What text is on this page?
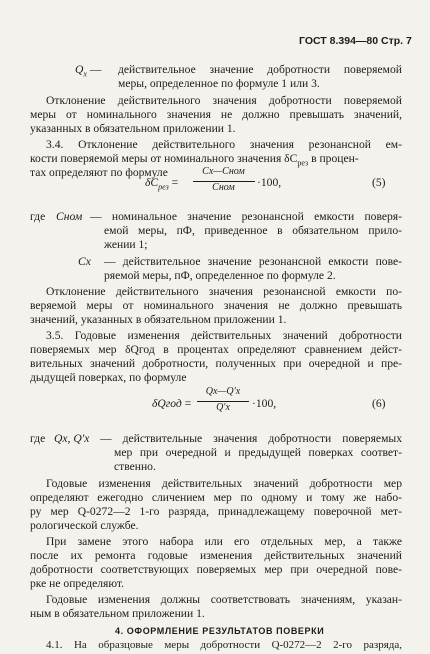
ГОСТ 8.394—80 Стр. 7
$Q_x$ —	действительное значение добротности поверяемой
меры, определенное по формуле 1 или 3.
Отклонение действительного значения добротности поверяемой
меры от номинального значения не должно превышать значений,
указанных в обязательном приложении 1.
3.4. Отклонение действительного значения резонансной ем-
кости поверяемой меры от номинального значения $\delta C_{рез}$ в процен-
тах определяют по формуле
$\delta C_{рез}$ =
Cx—Cном
Cном	·100,	(5)
где Cном — номинальное значение резонансной емкости поверя-
емой меры, пФ, приведенное в обязательном прило-
жении 1;
Cx — действительное значение резонансной емкости пове-
ряемой меры, пФ, определенное по формуле 2.
Отклонение действительного значения резонансной емкости по-
веряемой меры от номинального значения не должно превышать
значений, указанных в обязательном приложении 1.
3.5. Годовые изменения действительных значений добротности
поверяемых мер δQгод в процентах определяют сравнением дейст-
вительных значений добротности, полученных при очередной и пре-
дыдущей поверках, по формуле
δQгод =
Qx—Q′x
Q′x	·100,	(6)
где Qx, Q′x — действительные значения добротности поверяемых
мер при очередной и предыдущей поверках соответ-
ственно.
Годовые изменения действительных значений добротности мер
определяют ежегодно сличением мер по одному и тому же набо-
ру мер Q-0272—2 1-го разряда, принадлежащему поверочной мет-
рологической службе.
При замене этого набора или его отдельных мер, а также
после их ремонта годовые изменения действительных значений
добротности соответствующих поверяемых мер при очередной пове-
рке не определяют.
Годовые изменения должны соответствовать значениям, указан-
ным в обязательном приложении 1.
4. ОФОРМЛЕНИЕ РЕЗУЛЬТАТОВ ПОВЕРКИ
4.1. На образцовые меры добротности Q-0272—2 2-го разряда,
